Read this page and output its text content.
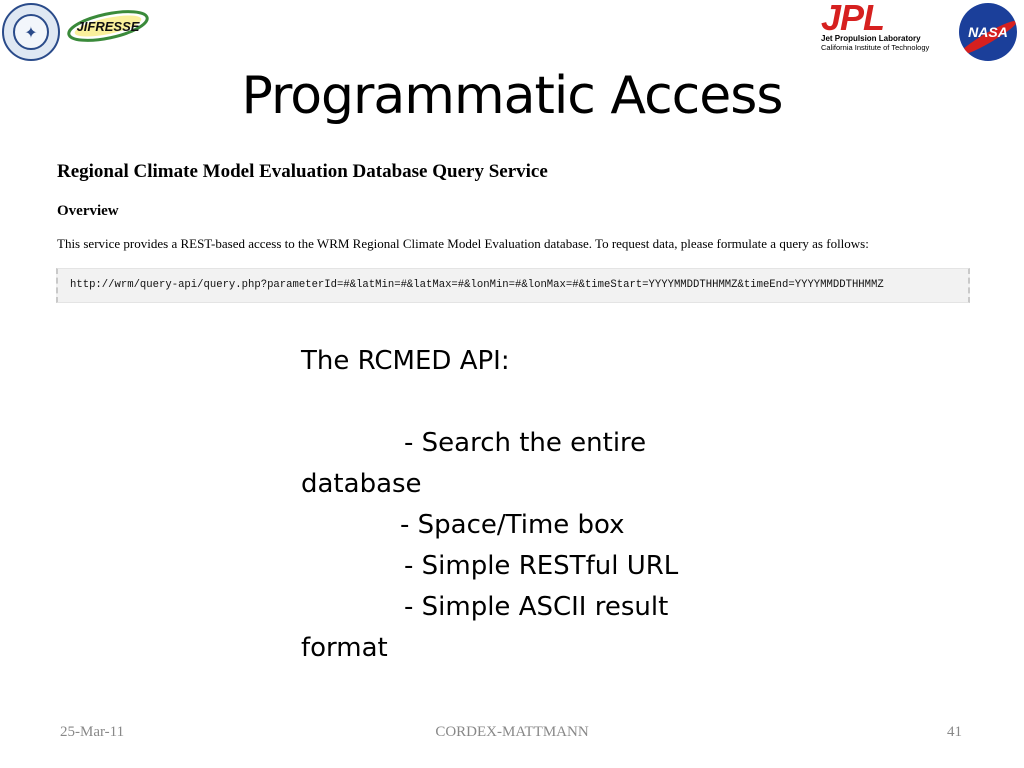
✦	JIFRESSE	JPL
Jet Propulsion Laboratory
California Institute of Technology
NASA
Programmatic Access
Regional Climate Model Evaluation Database Query Service
Overview
This service provides a REST-based access to the WRM Regional Climate Model Evaluation database. To request data, please formulate a query as follows:
http://wrm/query-api/query.php?parameterId=#&latMin=#&latMax=#&lonMin=#&lonMax=#&timeStart=YYYYMMDDTHHMMZ&timeEnd=YYYYMMDDTHHMMZ
The RCMED API:
- Search the entire
database
- Space/Time box
- Simple RESTful URL
- Simple ASCII result
format
25-Mar-11	CORDEX-MATTMANN	41
